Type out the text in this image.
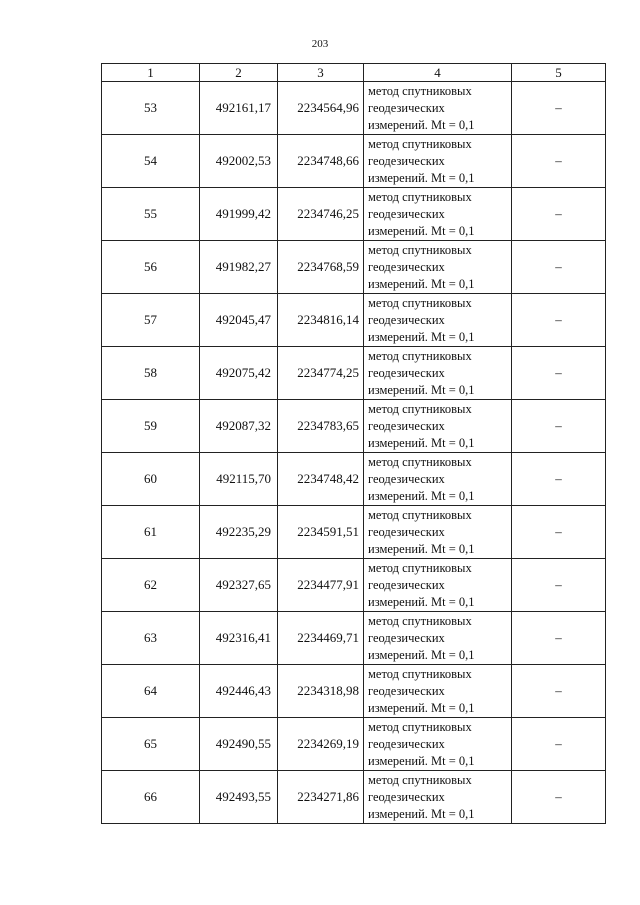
203
1	2	3	4	5
53	492161,17	2234564,96	метод спутниковых
геодезических
измерений. Mt = 0,1	–
54	492002,53	2234748,66	метод спутниковых
геодезических
измерений. Mt = 0,1	–
55	491999,42	2234746,25	метод спутниковых
геодезических
измерений. Mt = 0,1	–
56	491982,27	2234768,59	метод спутниковых
геодезических
измерений. Mt = 0,1	–
57	492045,47	2234816,14	метод спутниковых
геодезических
измерений. Mt = 0,1	–
58	492075,42	2234774,25	метод спутниковых
геодезических
измерений. Mt = 0,1	–
59	492087,32	2234783,65	метод спутниковых
геодезических
измерений. Mt = 0,1	–
60	492115,70	2234748,42	метод спутниковых
геодезических
измерений. Mt = 0,1	–
61	492235,29	2234591,51	метод спутниковых
геодезических
измерений. Mt = 0,1	–
62	492327,65	2234477,91	метод спутниковых
геодезических
измерений. Mt = 0,1	–
63	492316,41	2234469,71	метод спутниковых
геодезических
измерений. Mt = 0,1	–
64	492446,43	2234318,98	метод спутниковых
геодезических
измерений. Mt = 0,1	–
65	492490,55	2234269,19	метод спутниковых
геодезических
измерений. Mt = 0,1	–
66	492493,55	2234271,86	метод спутниковых
геодезических
измерений. Mt = 0,1	–
